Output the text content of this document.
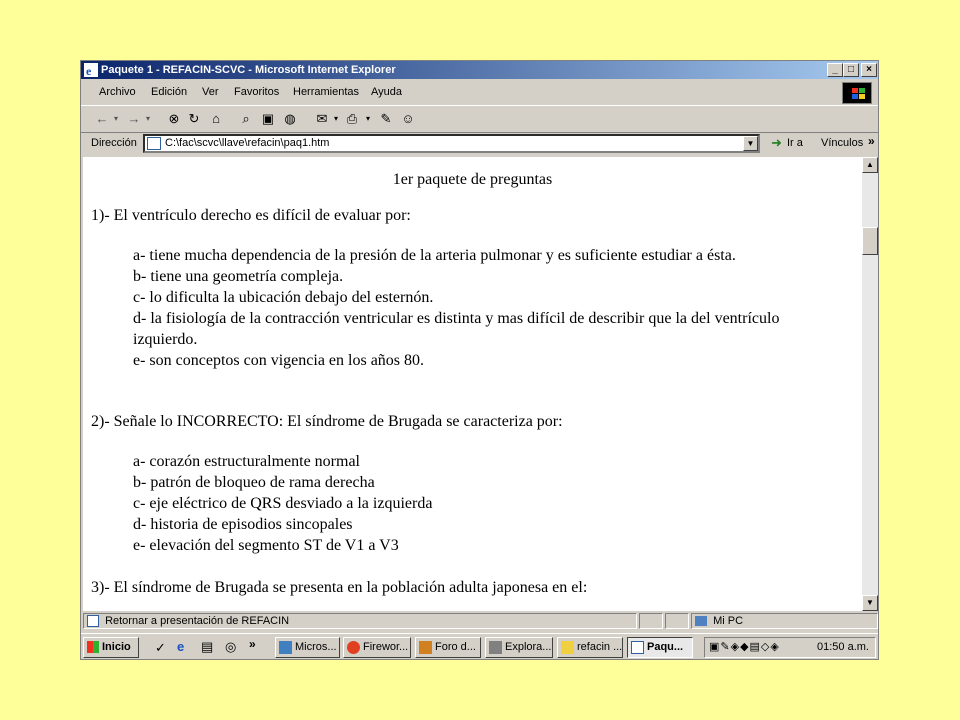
e Paquete 1 - REFACIN-SCVC - Microsoft Internet Explorer	_	□	×
Archivo Edición Ver Favoritos Herramientas Ayuda
← ▾ → ▾ ⊗ ↻ ⌂	⌕ ▣ ◍ ✉ ▾ ⎙	▾ ✎ ☺
Dirección	C:\fac\scvc\llave\refacin\paq1.htm	▼ ➜ Ir a Vínculos »
1er paquete de preguntas
1)- El ventrículo derecho es difícil de evaluar por:
a- tiene mucha dependencia de la presión de la arteria pulmonar y es suficiente estudiar a ésta.
b- tiene una geometría compleja.
c- lo dificulta la ubicación debajo del esternón.
d- la fisiología de la contracción ventricular es distinta y mas difícil de describir que la del ventrículo izquierdo.
e- son conceptos con vigencia en los años 80.
2)- Señale lo INCORRECTO: El síndrome de Brugada se caracteriza por:
a- corazón estructuralmente normal
b- patrón de bloqueo de rama derecha
c- eje eléctrico de QRS desviado a la izquierda
d- historia de episodios sincopales
e- elevación del segmento ST de V1 a V3
3)- El síndrome de Brugada se presenta en la población adulta japonesa en el:
▲
▼
Retornar a presentación de REFACIN	Mi PC
Inicio	✓ e ▤ ◎ »	Micros...	Firewor...	Foro d...	Explora...	refacin ...	Paqu...	▣✎◈◆▤◇◈	01:50 a.m.
